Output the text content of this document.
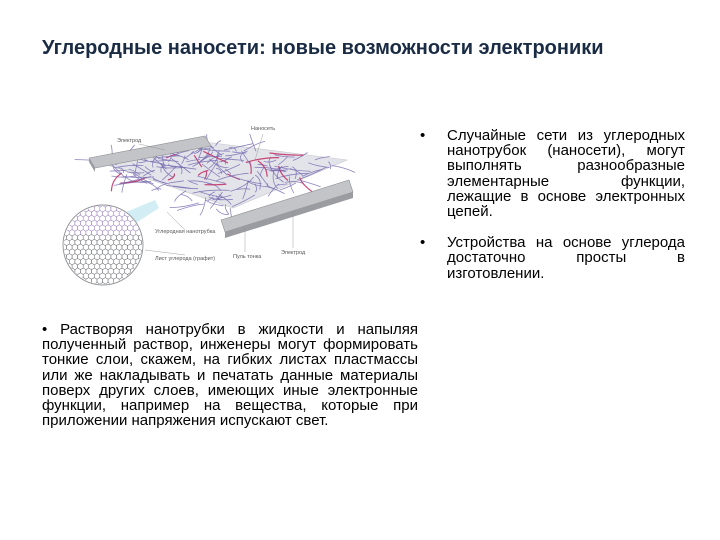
Углеродные наносети: новые возможности электроники
Электрод
Наносеть
Углеродная нанотрубка
Лист углерода (графит)	Пуль тонка
Электрод
• Случайные сети из углеродных нанотрубок (наносети), могут выполнять разнообразные элементарные функции, лежащие в основе электронных цепей.
• Устройства на основе углерода достаточно просты в изготовлении.
• Растворяя нанотрубки в жидкости и напыляя полученный раствор, инженеры могут формировать тонкие слои, скажем, на гибких листах пластмассы или же накладывать и печатать данные материалы поверх других слоев, имеющих иные электронные функции, например на вещества, которые при приложении напряжения испускают свет.
